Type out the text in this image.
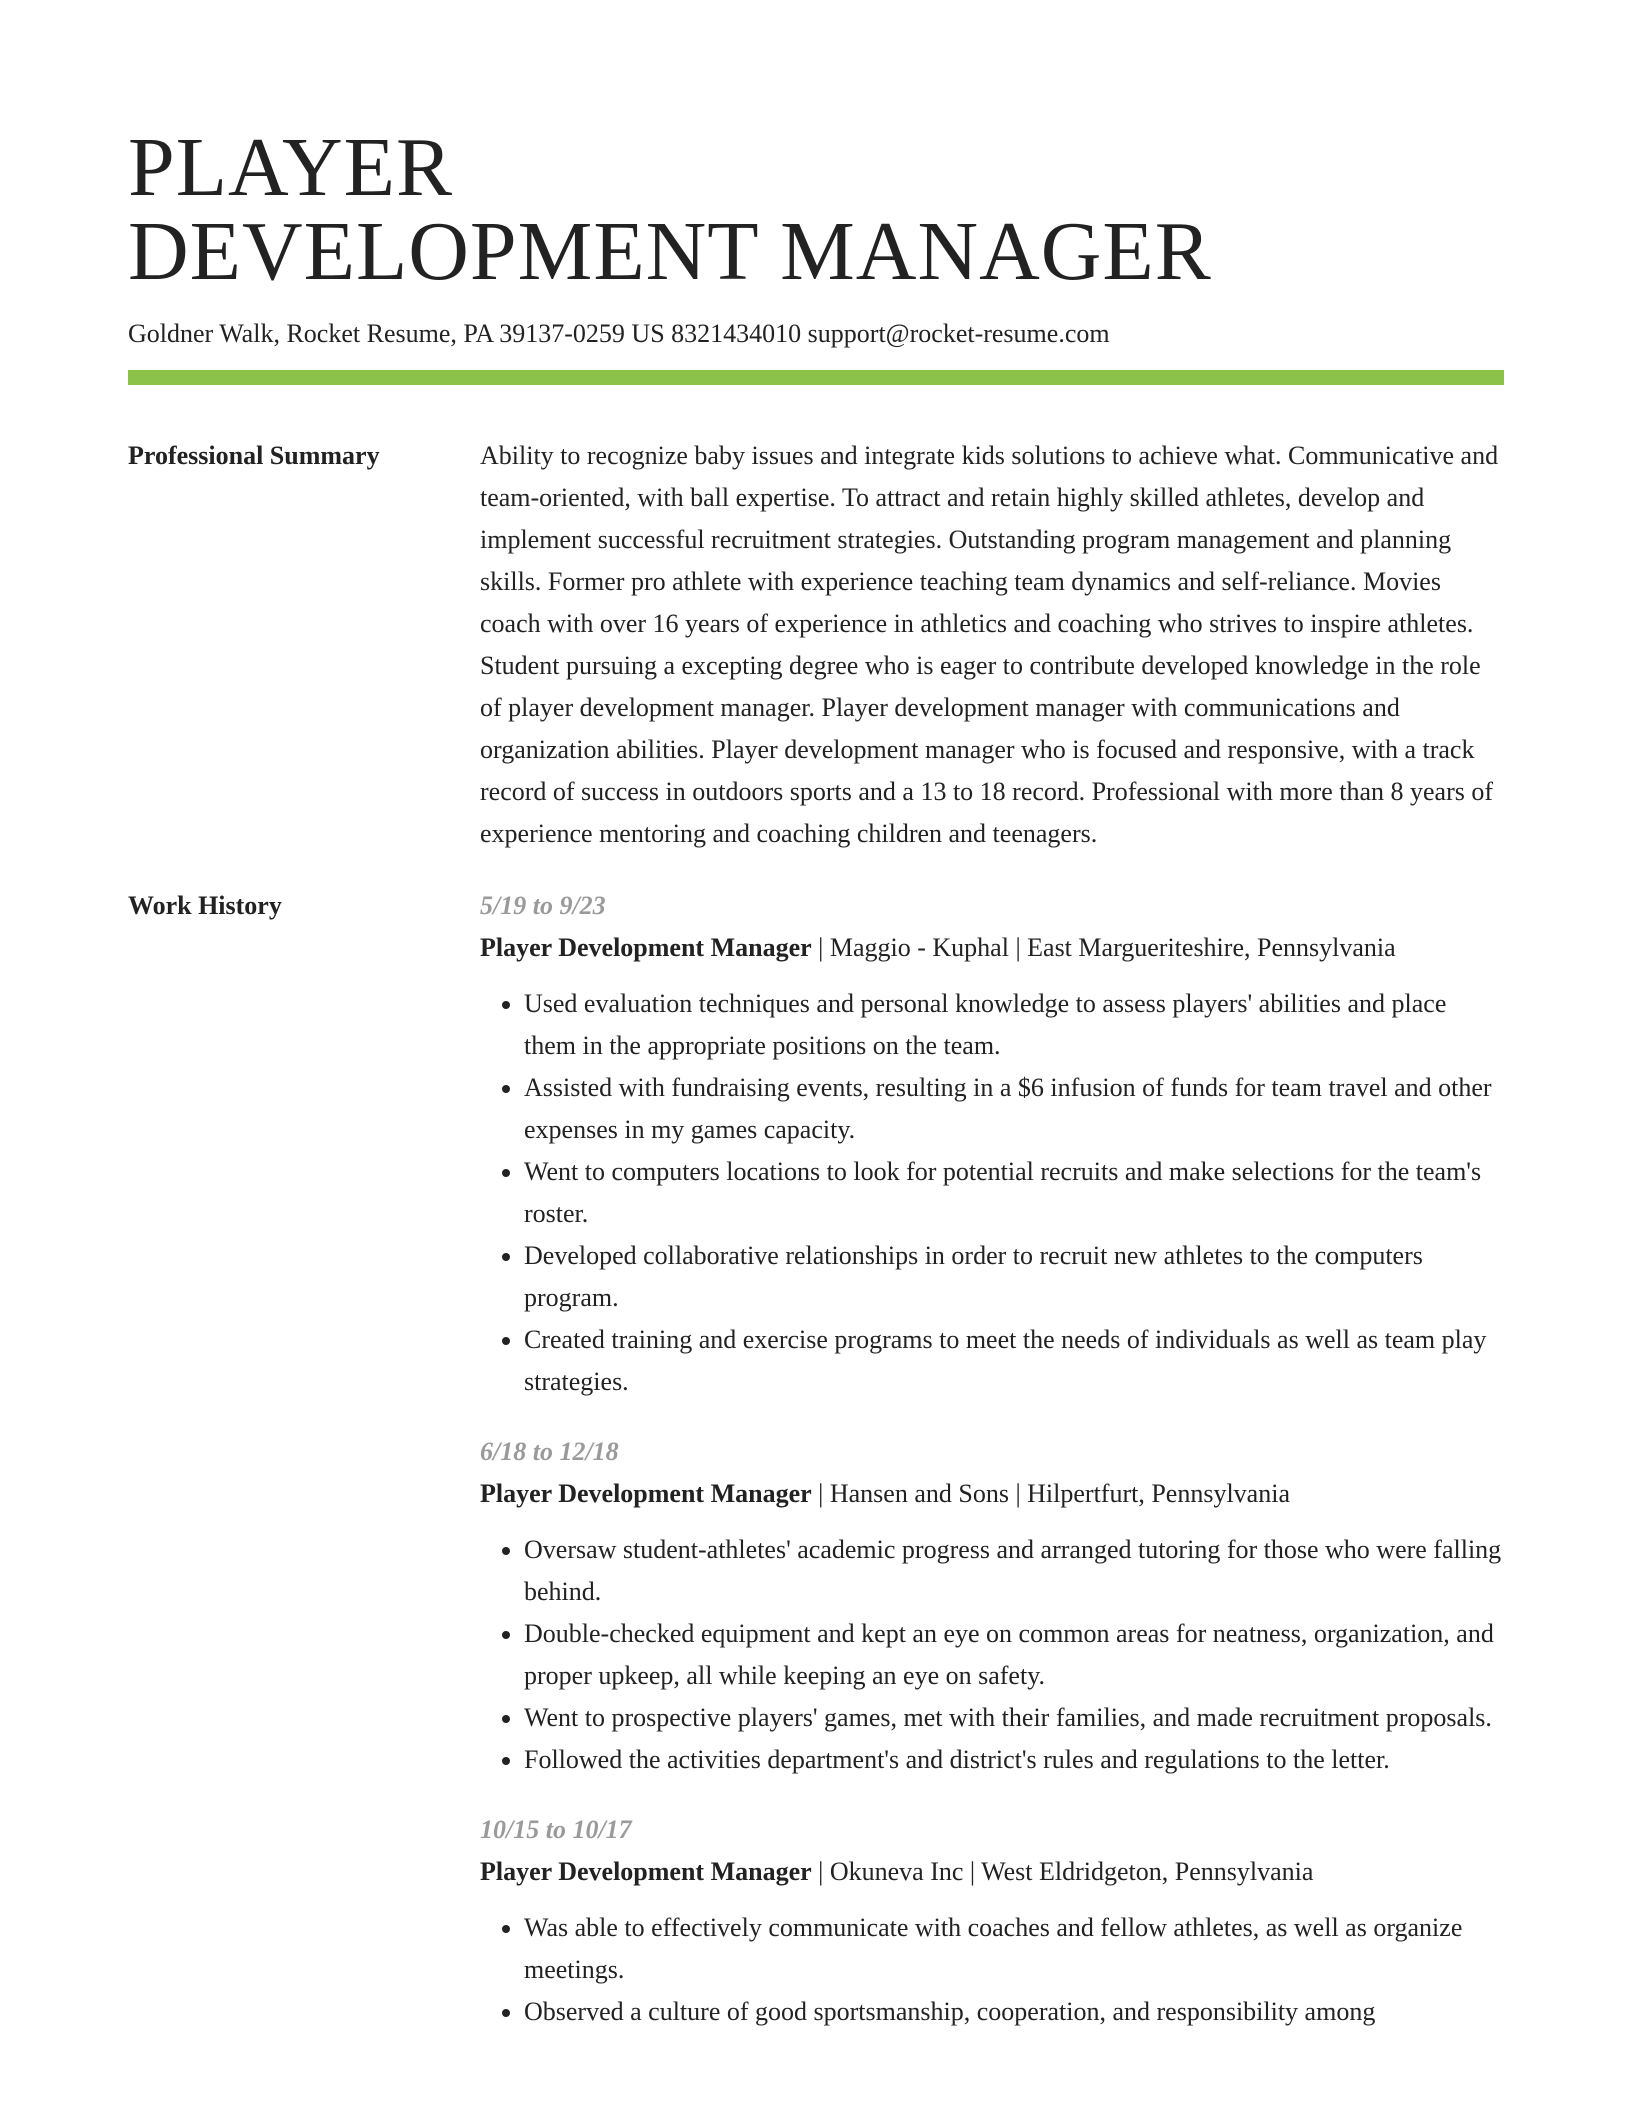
PLAYER
DEVELOPMENT MANAGER
Goldner Walk, Rocket Resume, PA 39137-0259 US 8321434010 support@rocket-resume.com
Professional Summary	Ability to recognize baby issues and integrate kids solutions to achieve what. Communicative and team-oriented, with ball expertise. To attract and retain highly skilled athletes, develop and implement successful recruitment strategies. Outstanding program management and planning skills. Former pro athlete with experience teaching team dynamics and self-reliance. Movies coach with over 16 years of experience in athletics and coaching who strives to inspire athletes. Student pursuing a excepting degree who is eager to contribute developed knowledge in the role of player development manager. Player development manager with communications and organization abilities. Player development manager who is focused and responsive, with a track record of success in outdoors sports and a 13 to 18 record. Professional with more than 8 years of experience mentoring and coaching children and teenagers.
Work History	5/19 to 9/23
Player Development Manager | Maggio - Kuphal | East Margueriteshire, Pennsylvania
• Used evaluation techniques and personal knowledge to assess players' abilities and place them in the appropriate positions on the team.
• Assisted with fundraising events, resulting in a $6 infusion of funds for team travel and other expenses in my games capacity.
• Went to computers locations to look for potential recruits and make selections for the team's roster.
• Developed collaborative relationships in order to recruit new athletes to the computers program.
• Created training and exercise programs to meet the needs of individuals as well as team play strategies.
6/18 to 12/18
Player Development Manager | Hansen and Sons | Hilpertfurt, Pennsylvania
• Oversaw student-athletes' academic progress and arranged tutoring for those who were falling behind.
• Double-checked equipment and kept an eye on common areas for neatness, organization, and proper upkeep, all while keeping an eye on safety.
• Went to prospective players' games, met with their families, and made recruitment proposals.
• Followed the activities department's and district's rules and regulations to the letter.
10/15 to 10/17
Player Development Manager | Okuneva Inc | West Eldridgeton, Pennsylvania
• Was able to effectively communicate with coaches and fellow athletes, as well as organize meetings.
• Observed a culture of good sportsmanship, cooperation, and responsibility among
